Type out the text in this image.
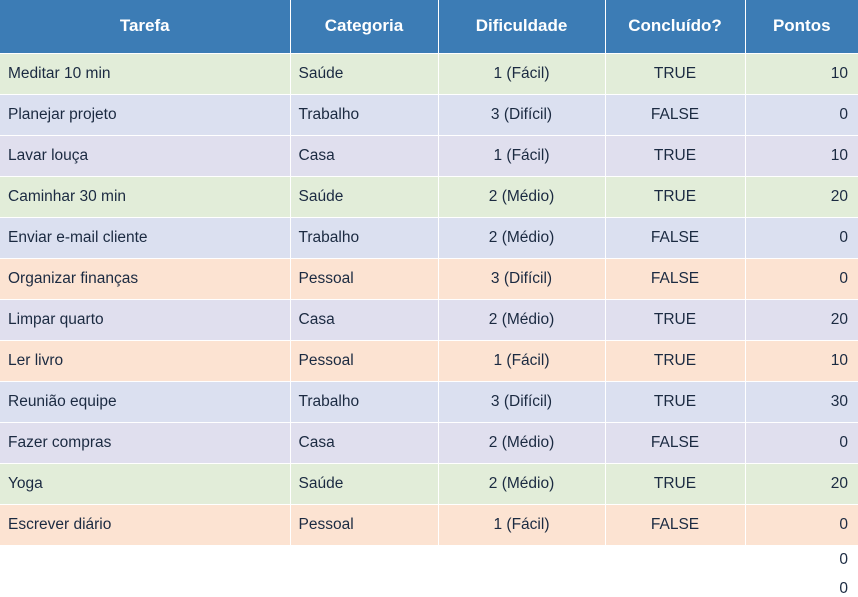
Tarefa	Categoria	Dificuldade	Concluído?	Pontos
Meditar 10 min	Saúde	1 (Fácil)	TRUE	10
Planejar projeto	Trabalho	3 (Difícil)	FALSE	0
Lavar louça	Casa	1 (Fácil)	TRUE	10
Caminhar 30 min	Saúde	2 (Médio)	TRUE	20
Enviar e-mail cliente	Trabalho	2 (Médio)	FALSE	0
Organizar finanças	Pessoal	3 (Difícil)	FALSE	0
Limpar quarto	Casa	2 (Médio)	TRUE	20
Ler livro	Pessoal	1 (Fácil)	TRUE	10
Reunião equipe	Trabalho	3 (Difícil)	TRUE	30
Fazer compras	Casa	2 (Médio)	FALSE	0
Yoga	Saúde	2 (Médio)	TRUE	20
Escrever diário	Pessoal	1 (Fácil)	FALSE	0
				0
				0
